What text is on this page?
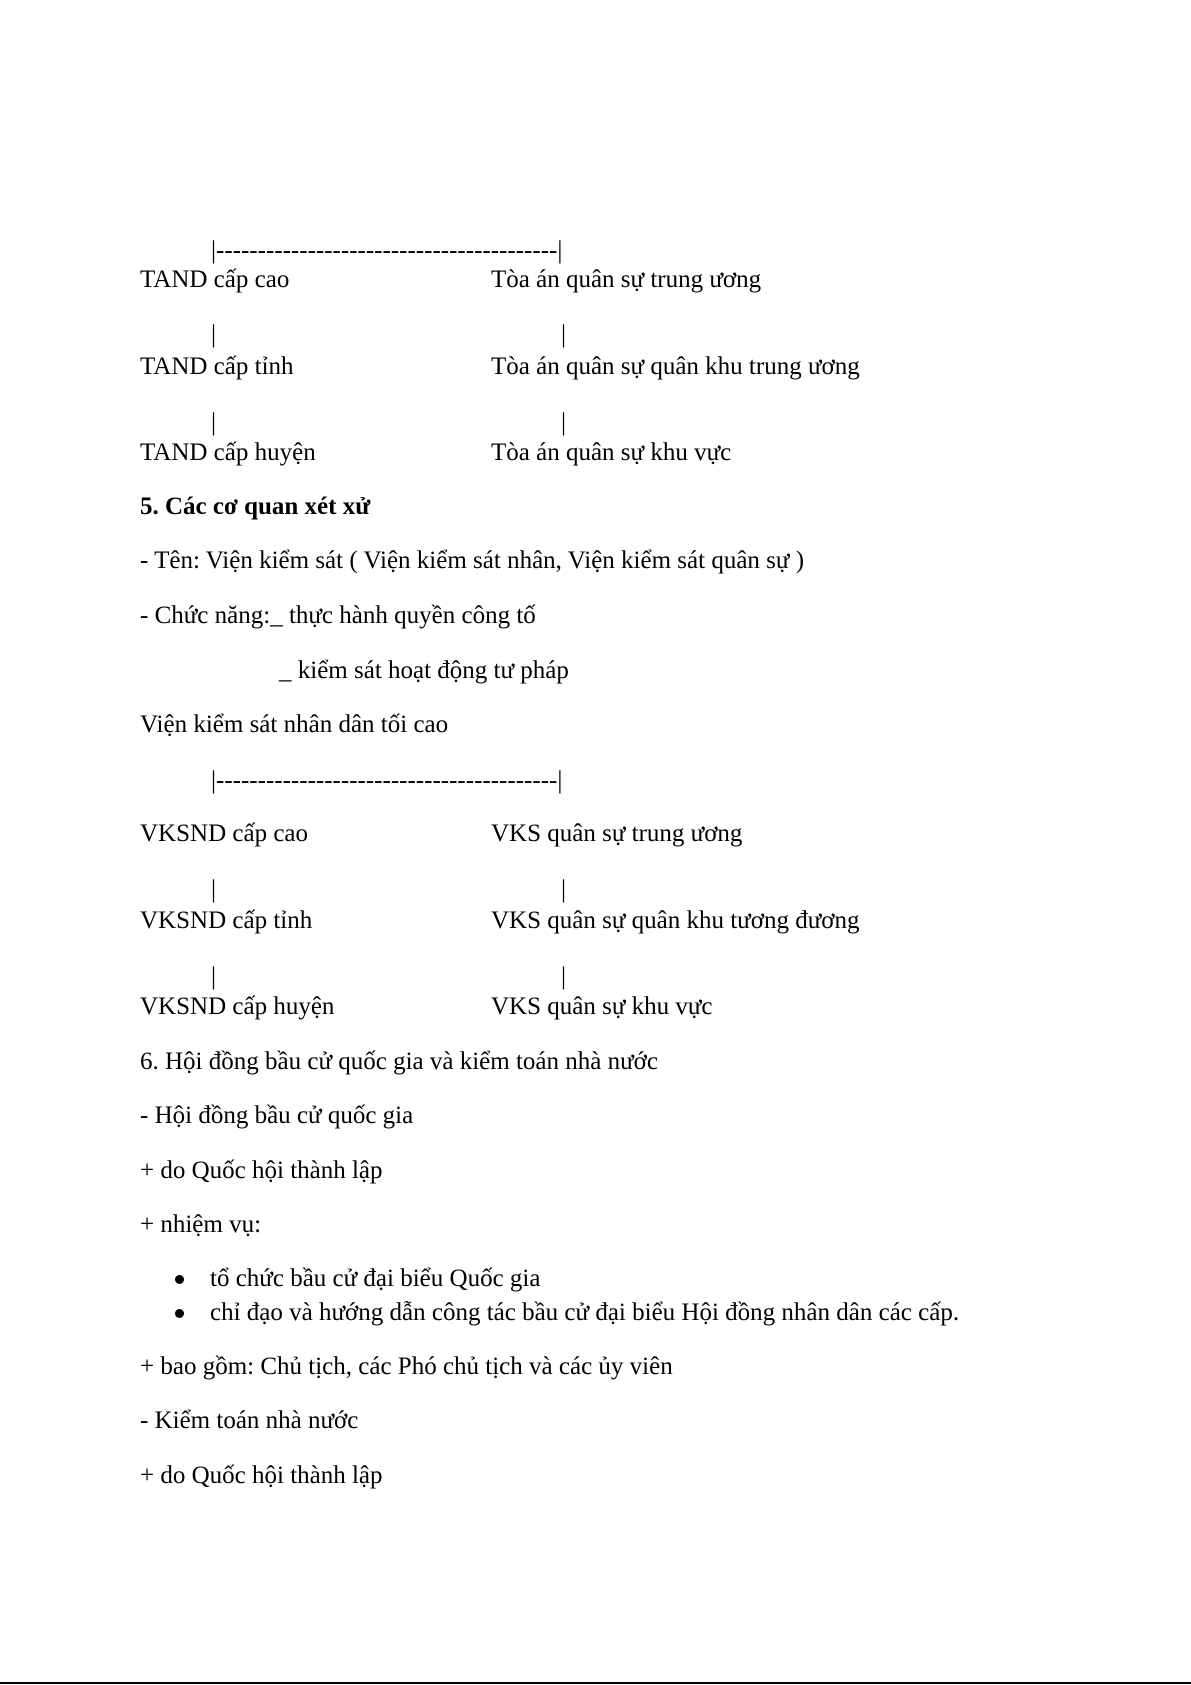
|-----------------------------------------|
TAND cấp cao	Tòa án quân sự trung ương
|	|
TAND cấp tỉnh	Tòa án quân sự quân khu trung ương
|	|
TAND cấp huyện	Tòa án quân sự khu vực
5. Các cơ quan xét xử
- Tên: Viện kiểm sát ( Viện kiểm sát nhân, Viện kiểm sát quân sự )
- Chức năng:_ thực hành quyền công tố
_ kiểm sát hoạt động tư pháp
Viện kiểm sát nhân dân tối cao
|-----------------------------------------|
VKSND cấp cao	VKS quân sự trung ương
|	|
VKSND cấp tỉnh	VKS quân sự quân khu tương đương
|	|
VKSND cấp huyện	VKS quân sự khu vực
6. Hội đồng bầu cử quốc gia và kiểm toán nhà nước
- Hội đồng bầu cử quốc gia
+ do Quốc hội thành lập
+ nhiệm vụ:
tổ chức bầu cử đại biểu Quốc gia
chỉ đạo và hướng dẫn công tác bầu cử đại biểu Hội đồng nhân dân các cấp.
+ bao gồm: Chủ tịch, các Phó chủ tịch và các ủy viên
- Kiểm toán nhà nước
+ do Quốc hội thành lập
